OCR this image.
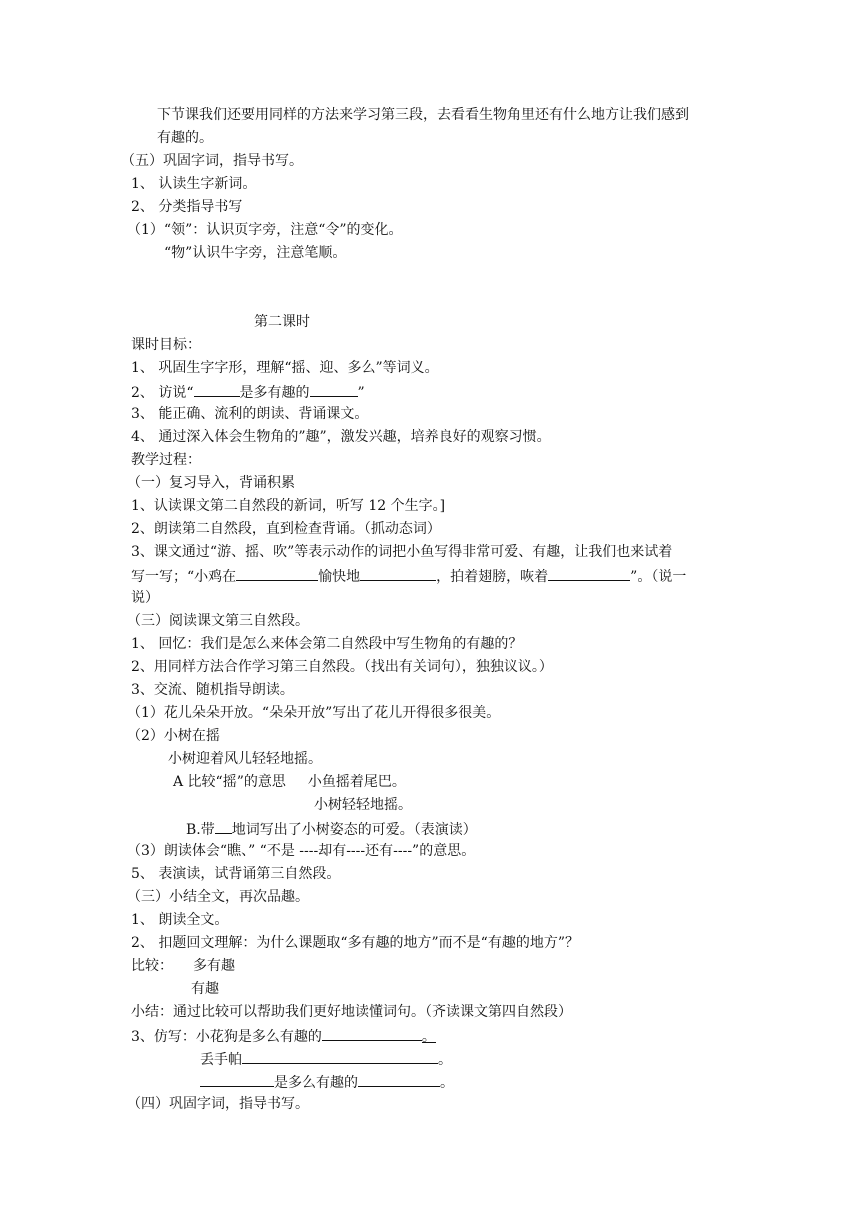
下节课我们还要用同样的方法来学习第三段，去看看生物角里还有什么地方让我们感到
有趣的。
（五）巩固字词，指导书写。
1、 认读生字新词。
2、 分类指导书写
（1）“领”：认识页字旁，注意“令”的变化。
“物”认识牛字旁，注意笔顺。
第二课时
课时目标：
1、 巩固生字字形，理解“摇、迎、多么”等词义。
2、 访说“	是多有趣的	”
3、 能正确、流利的朗读、背诵课文。
4、 通过深入体会生物角的”趣”，激发兴趣，培养良好的观察习惯。
教学过程：
（一）复习导入，背诵积累
1、认读课文第二自然段的新词，听写 12 个生字。]
2、朗读第二自然段，直到检查背诵。（抓动态词）
3、课文通过“游、摇、吹”等表示动作的词把小鱼写得非常可爱、有趣，让我们也来试着
写一写；“小鸡在	愉快地	，拍着翅膀，咴着	”。（说一
说）
（三）阅读课文第三自然段。
1、 回忆：我们是怎么来体会第二自然段中写生物角的有趣的？
2、用同样方法合作学习第三自然段。（找出有关词句），独独议议。）
3、交流、随机指导朗读。
（1）花儿朵朵开放。“朵朵开放”写出了花儿开得很多很美。
（2）小树在摇
小树迎着风儿轻轻地摇。
A 比较“摇”的意思 小鱼摇着尾巴。
小树轻轻地摇。
B.带 地词写出了小树姿态的可爱。（表演读）
（3）朗读体会“瞧、” “不是 ----却有----还有----”的意思。
5、 表演读，试背诵第三自然段。
（三）小结全文，再次品趣。
1、 朗读全文。
2、 扣题回文理解：为什么课题取“多有趣的地方”而不是“有趣的地方”？
比较： 多有趣
有趣
小结：通过比较可以帮助我们更好地读懂词句。（齐读课文第四自然段）
3、仿写：小花狗是多么有趣的	。
丢手帕	。
是多么有趣的	。
（四）巩固字词，指导书写。
